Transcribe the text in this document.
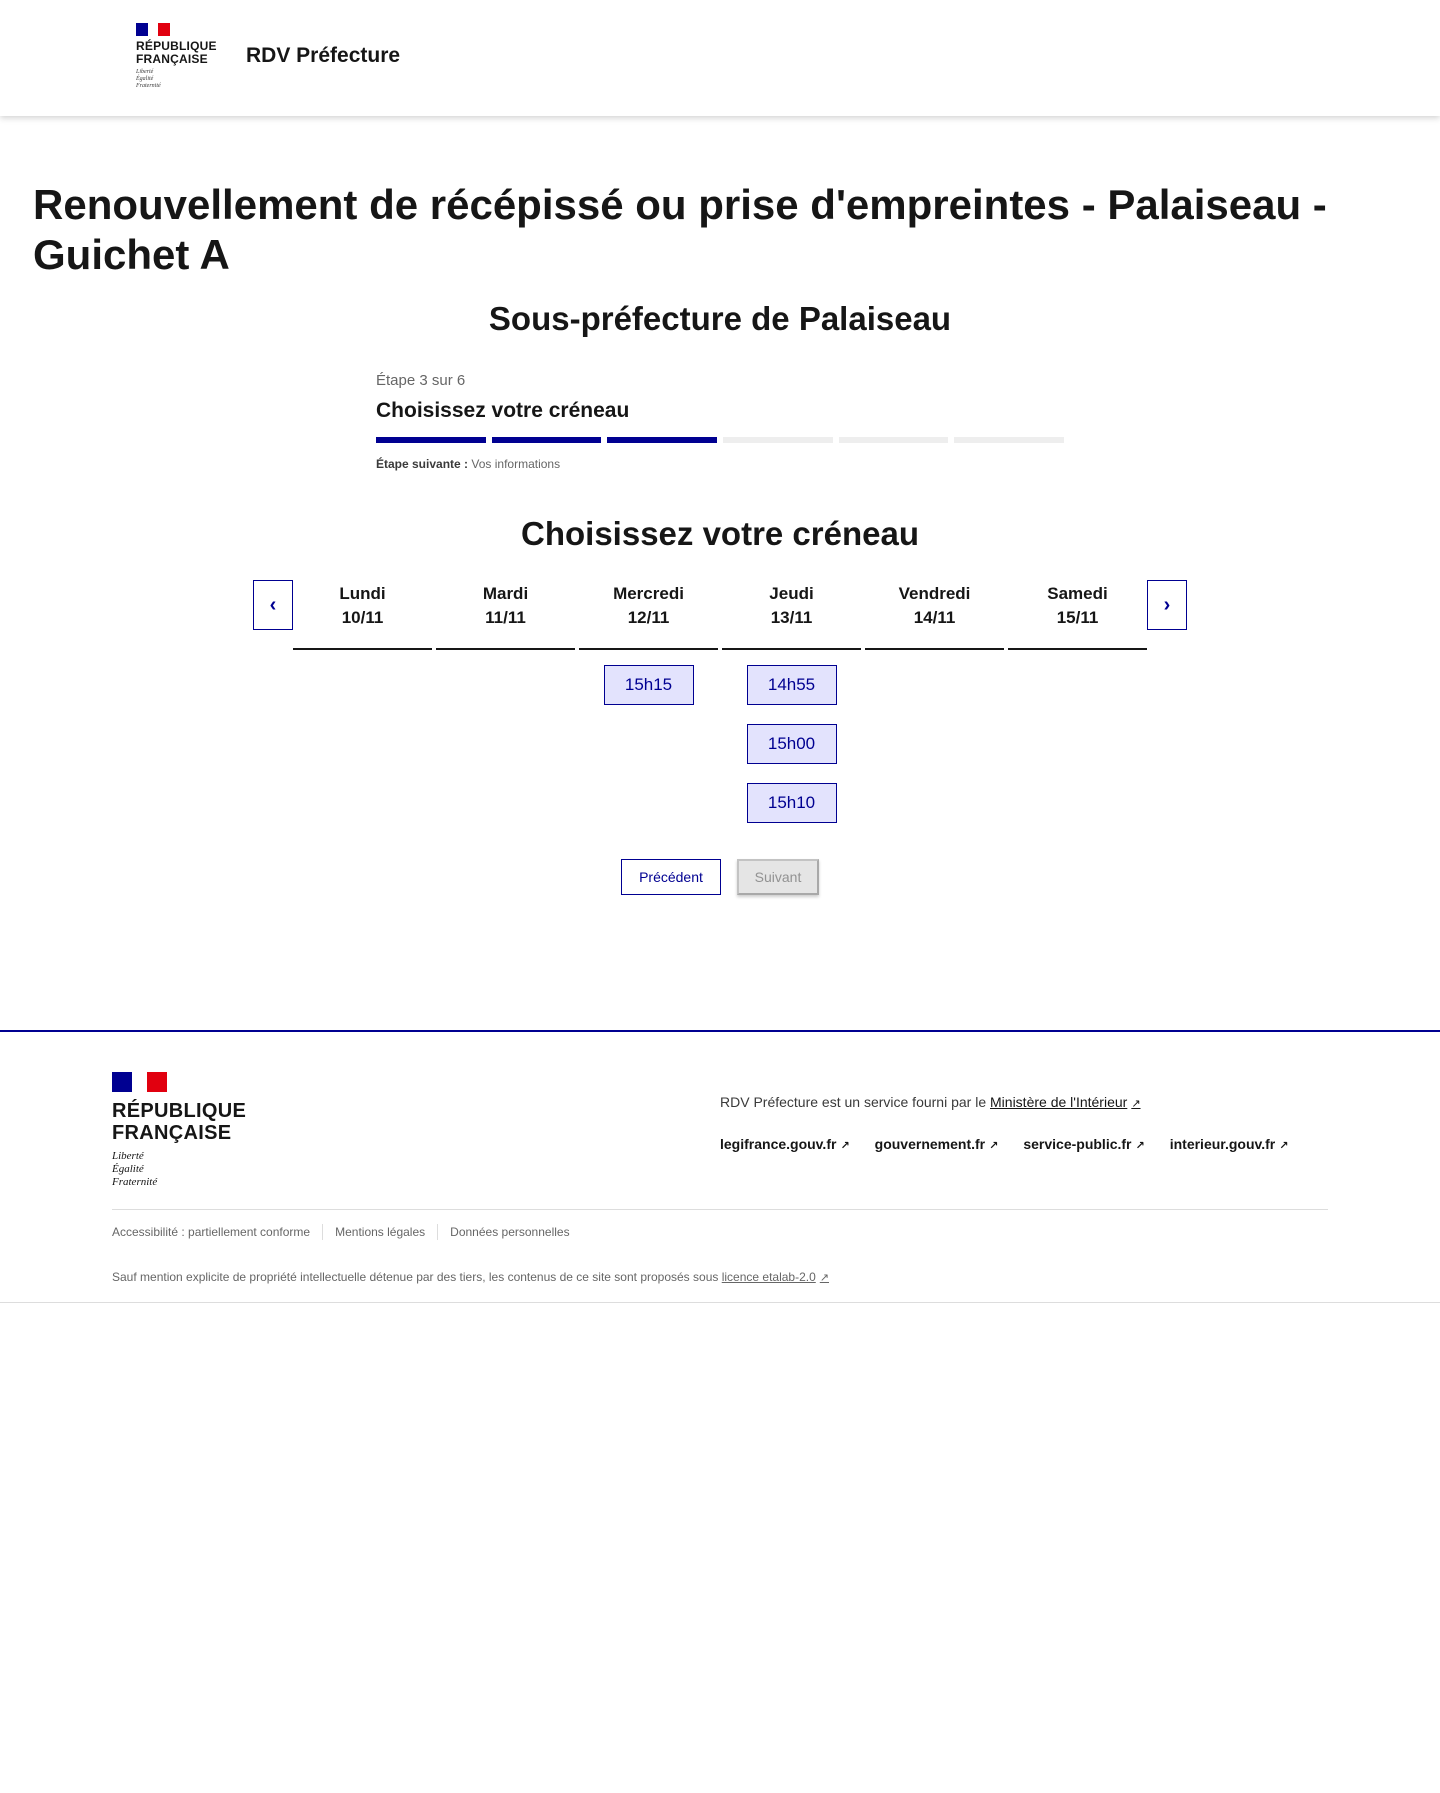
RÉPUBLIQUE
FRANÇAISE
Liberté
Égalité
Fraternité
RDV Préfecture
Renouvellement de récépissé ou prise d'empreintes - Palaiseau - Guichet A
Sous-préfecture de Palaiseau
Étape 3 sur 6
Choisissez votre créneau
Étape suivante : Vos informations
Choisissez votre créneau
‹	Lundi
10/11
Mardi
11/11
Mercredi
12/11
15h15
Jeudi
13/11
14h55
15h00
15h10
Vendredi
14/11
Samedi
15/11
›
Précédent	Suivant
RÉPUBLIQUE
FRANÇAISE
Liberté
Égalité
Fraternité
RDV Préfecture est un service fourni par le Ministère de l'Intérieur ↗
legifrance.gouv.fr ↗ gouvernement.fr ↗ service-public.fr ↗ interieur.gouv.fr ↗
Accessibilité : partiellement conforme	Mentions légales	Données personnelles
Sauf mention explicite de propriété intellectuelle détenue par des tiers, les contenus de ce site sont proposés sous licence etalab-2.0 ↗
